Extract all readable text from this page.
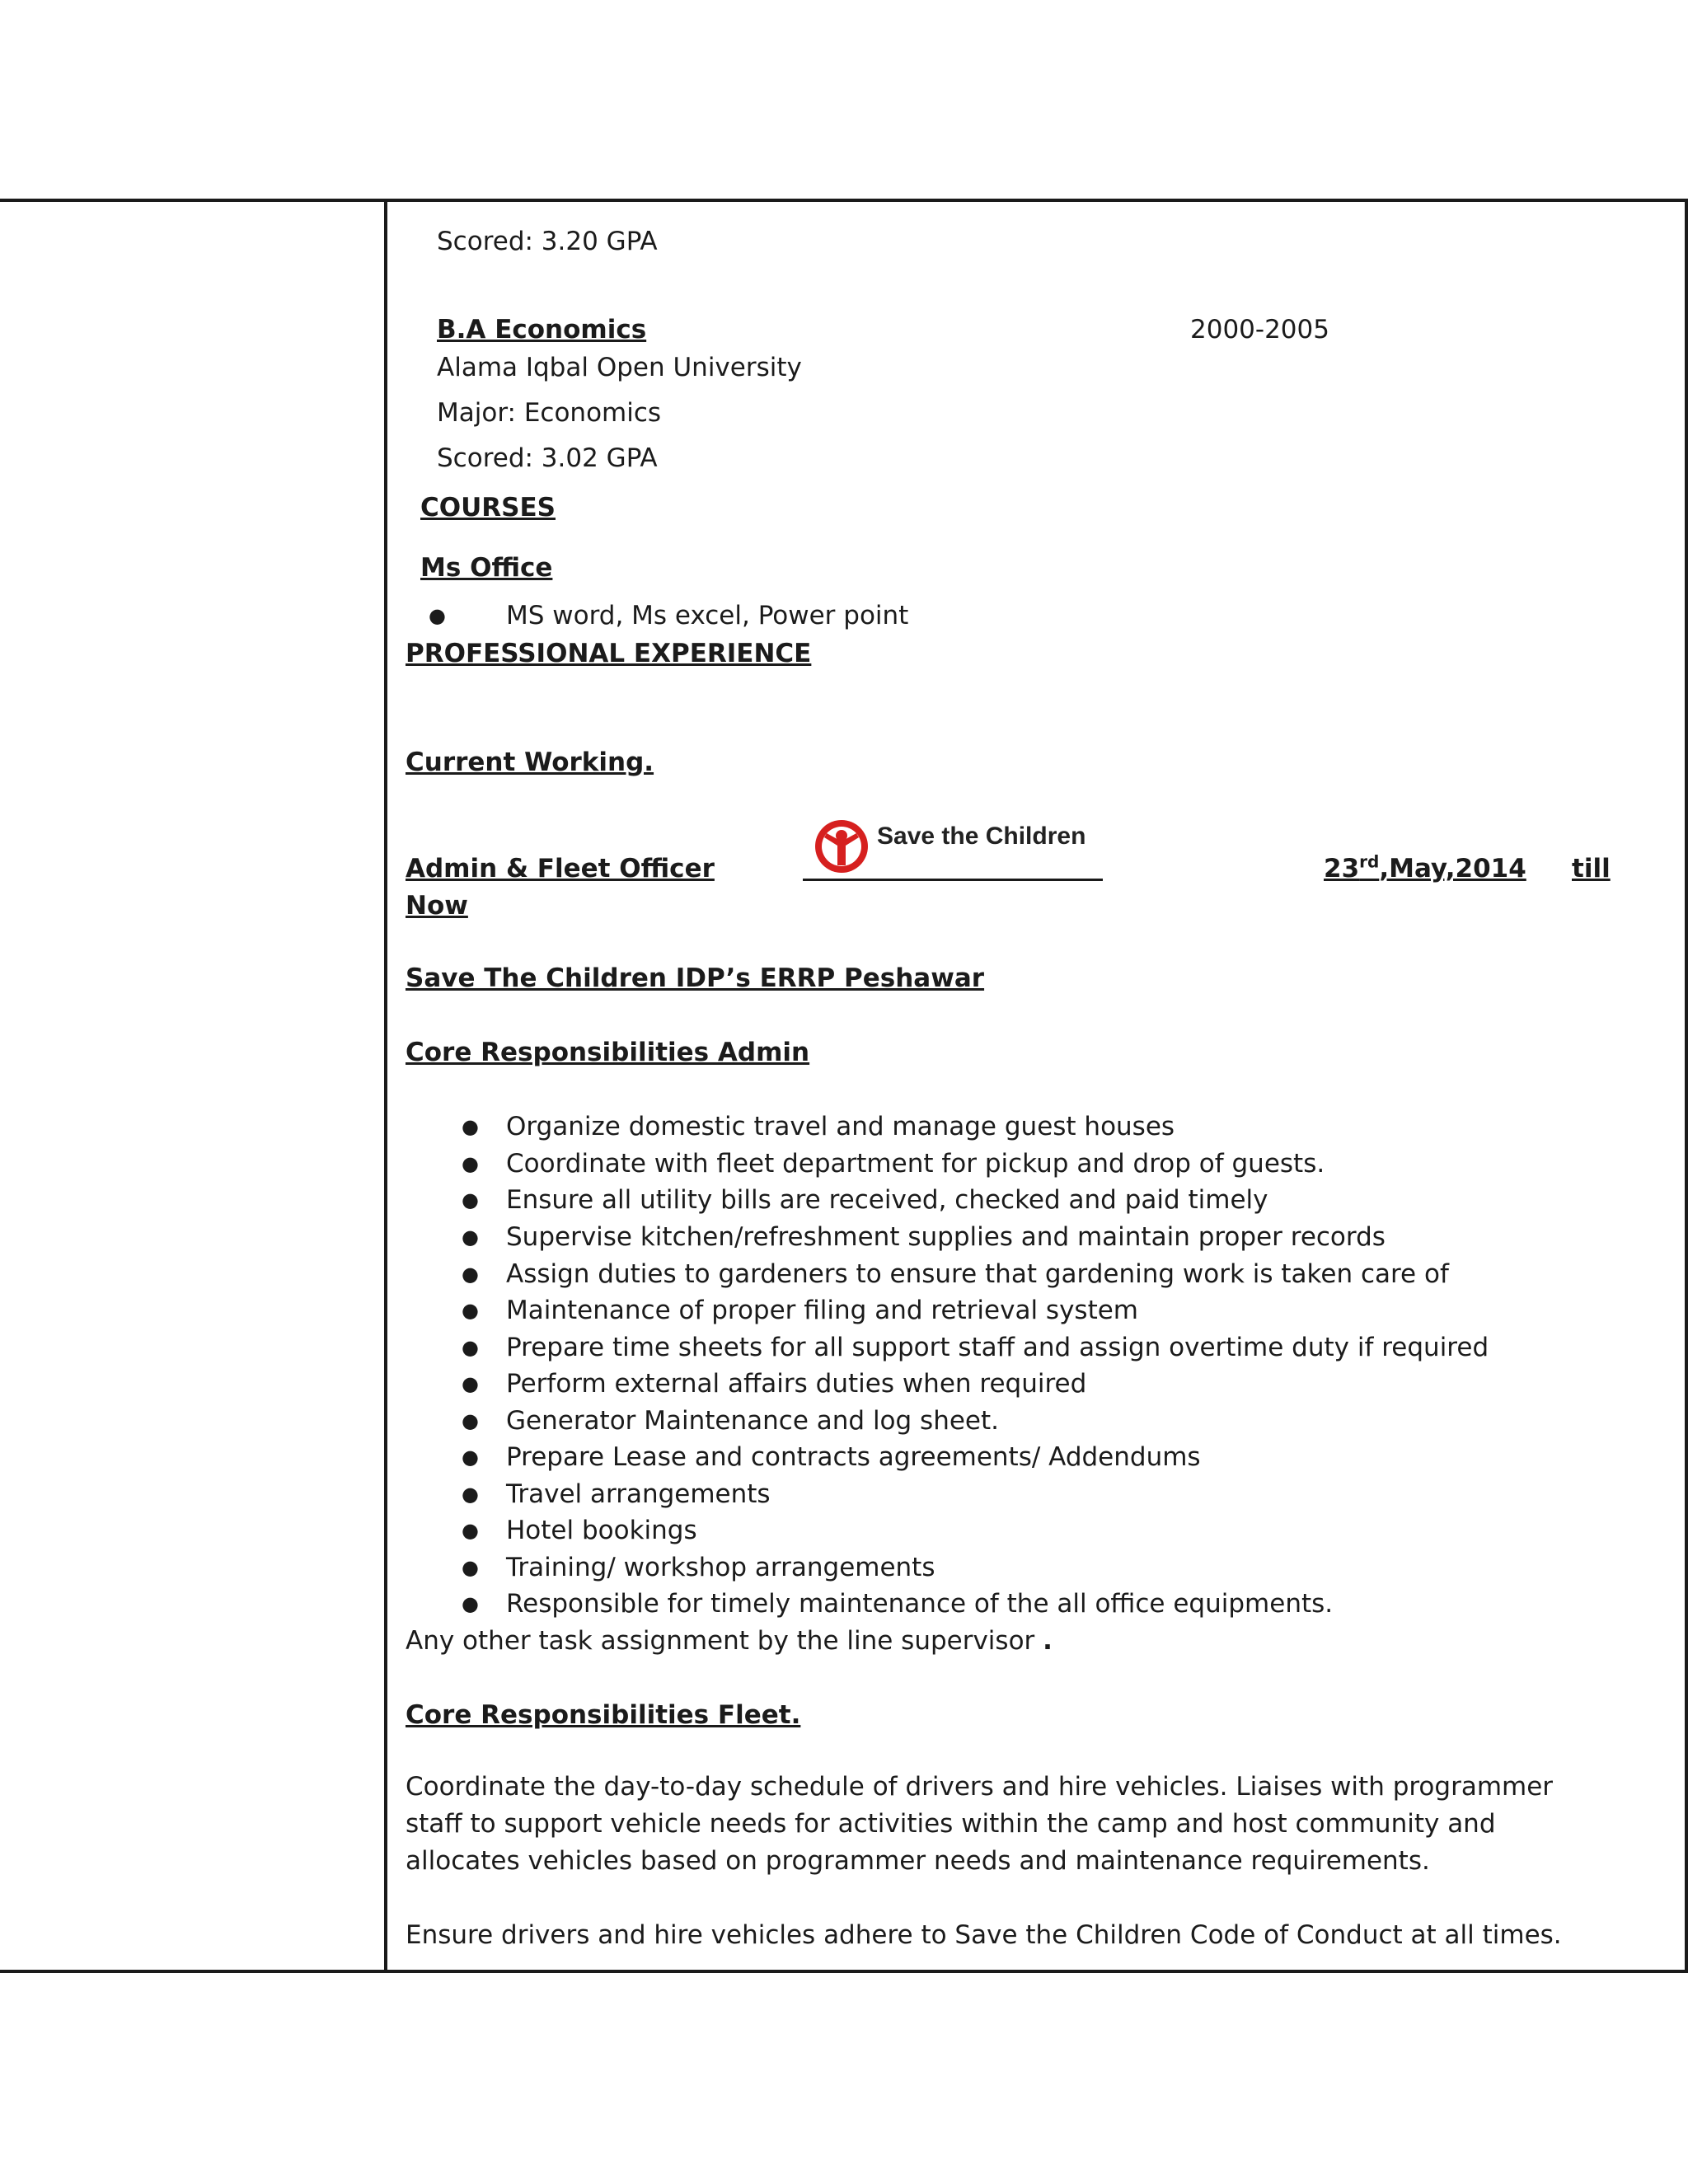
Scored: 3.20 GPA
B.A Economics	2000-2005
Alama Iqbal Open University
Major: Economics
Scored: 3.02 GPA
COURSES
Ms Office
● MS word, Ms excel, Power point
PROFESSIONAL EXPERIENCE
Current Working.
Admin & Fleet Officer
Save the Children
23rd,May,2014 till
Now
Save The Children IDP’s ERRP Peshawar
Core Responsibilities Admin
● Organize domestic travel and manage guest houses
● Coordinate with fleet department for pickup and drop of guests.
● Ensure all utility bills are received, checked and paid timely
● Supervise kitchen/refreshment supplies and maintain proper records
● Assign duties to gardeners to ensure that gardening work is taken care of
● Maintenance of proper filing and retrieval system
● Prepare time sheets for all support staff and assign overtime duty if required
● Perform external affairs duties when required
● Generator Maintenance and log sheet.
● Prepare Lease and contracts agreements/ Addendums
● Travel arrangements
● Hotel bookings
● Training/ workshop arrangements
● Responsible for timely maintenance of the all office equipments.
Any other task assignment by the line supervisor .
Core Responsibilities Fleet.
Coordinate the day-to-day schedule of drivers and hire vehicles. Liaises with programmer staff to support vehicle needs for activities within the camp and host community and allocates vehicles based on programmer needs and maintenance requirements.
Ensure drivers and hire vehicles adhere to Save the Children Code of Conduct at all times.
